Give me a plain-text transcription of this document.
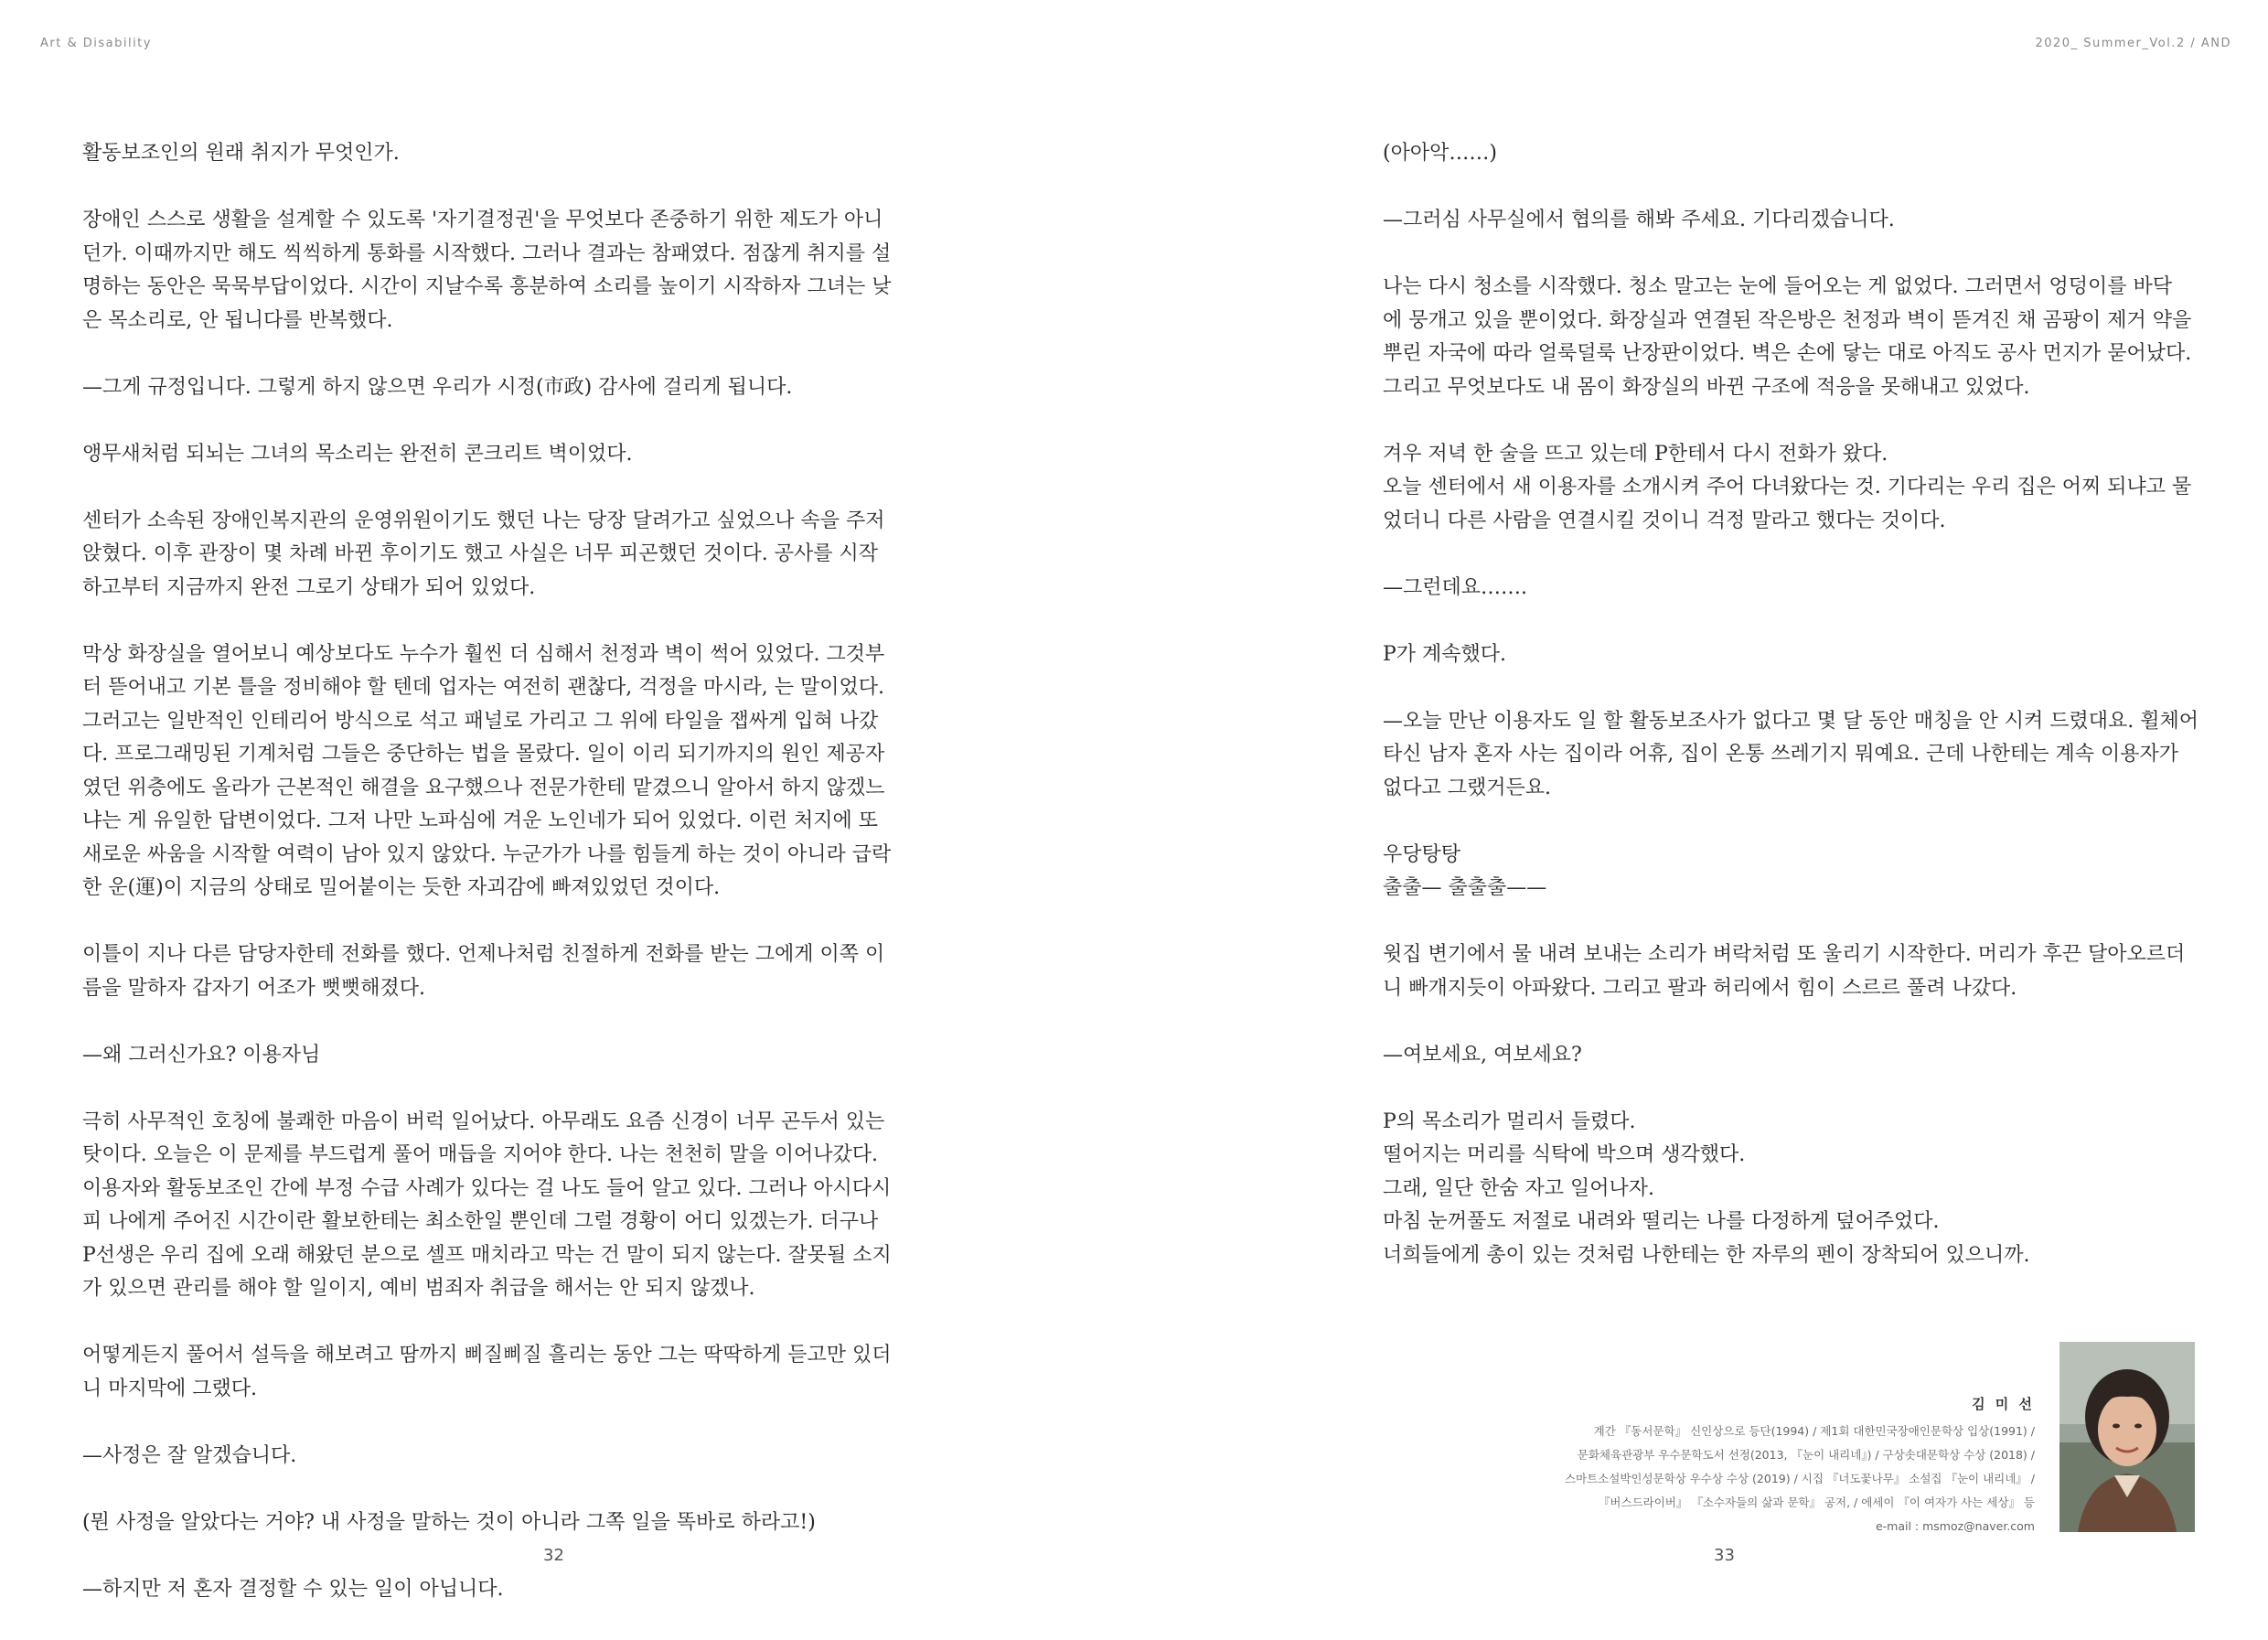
Art & Disability	2020_ Summer_Vol.2 / AND

활동보조인의 원래 취지가 무엇인가.

장애인 스스로 생활을 설계할 수 있도록 '자기결정권'을 무엇보다 존중하기 위한 제도가 아니
던가. 이때까지만 해도 씩씩하게 통화를 시작했다. 그러나 결과는 참패였다. 점잖게 취지를 설
명하는 동안은 묵묵부답이었다. 시간이 지날수록 흥분하여 소리를 높이기 시작하자 그녀는 낮
은 목소리로, 안 됩니다를 반복했다.

—그게 규정입니다. 그렇게 하지 않으면 우리가 시정(市政) 감사에 걸리게 됩니다.

앵무새처럼 되뇌는 그녀의 목소리는 완전히 콘크리트 벽이었다.

센터가 소속된 장애인복지관의 운영위원이기도 했던 나는 당장 달려가고 싶었으나 속을 주저
앉혔다. 이후 관장이 몇 차례 바뀐 후이기도 했고 사실은 너무 피곤했던 것이다. 공사를 시작
하고부터 지금까지 완전 그로기 상태가 되어 있었다.

막상 화장실을 열어보니 예상보다도 누수가 훨씬 더 심해서 천정과 벽이 썩어 있었다. 그것부
터 뜯어내고 기본 틀을 정비해야 할 텐데 업자는 여전히 괜찮다, 걱정을 마시라, 는 말이었다.
그러고는 일반적인 인테리어 방식으로 석고 패널로 가리고 그 위에 타일을 잽싸게 입혀 나갔
다. 프로그래밍된 기계처럼 그들은 중단하는 법을 몰랐다. 일이 이리 되기까지의 원인 제공자
였던 위층에도 올라가 근본적인 해결을 요구했으나 전문가한테 맡겼으니 알아서 하지 않겠느
냐는 게 유일한 답변이었다. 그저 나만 노파심에 겨운 노인네가 되어 있었다. 이런 처지에 또
새로운 싸움을 시작할 여력이 남아 있지 않았다. 누군가가 나를 힘들게 하는 것이 아니라 급락
한 운(運)이 지금의 상태로 밀어붙이는 듯한 자괴감에 빠져있었던 것이다.

이틀이 지나 다른 담당자한테 전화를 했다. 언제나처럼 친절하게 전화를 받는 그에게 이쪽 이
름을 말하자 갑자기 어조가 뻣뻣해졌다.

—왜 그러신가요? 이용자님

극히 사무적인 호칭에 불쾌한 마음이 버럭 일어났다. 아무래도 요즘 신경이 너무 곤두서 있는
탓이다. 오늘은 이 문제를 부드럽게 풀어 매듭을 지어야 한다. 나는 천천히 말을 이어나갔다.
이용자와 활동보조인 간에 부정 수급 사례가 있다는 걸 나도 들어 알고 있다. 그러나 아시다시
피 나에게 주어진 시간이란 활보한테는 최소한일 뿐인데 그럴 경황이 어디 있겠는가. 더구나
P선생은 우리 집에 오래 해왔던 분으로 셀프 매치라고 막는 건 말이 되지 않는다. 잘못될 소지
가 있으면 관리를 해야 할 일이지, 예비 범죄자 취급을 해서는 안 되지 않겠나.

어떻게든지 풀어서 설득을 해보려고 땀까지 삐질삐질 흘리는 동안 그는 딱딱하게 듣고만 있더
니 마지막에 그랬다.

—사정은 잘 알겠습니다.

(뭔 사정을 알았다는 거야? 내 사정을 말하는 것이 아니라 그쪽 일을 똑바로 하라고!)

—하지만 저 혼자 결정할 수 있는 일이 아닙니다.

(아아악……)

—그러심 사무실에서 협의를 해봐 주세요. 기다리겠습니다.

나는 다시 청소를 시작했다. 청소 말고는 눈에 들어오는 게 없었다. 그러면서 엉덩이를 바닥
에 뭉개고 있을 뿐이었다. 화장실과 연결된 작은방은 천정과 벽이 뜯겨진 채 곰팡이 제거 약을
뿌린 자국에 따라 얼룩덜룩 난장판이었다. 벽은 손에 닿는 대로 아직도 공사 먼지가 묻어났다.
그리고 무엇보다도 내 몸이 화장실의 바뀐 구조에 적응을 못해내고 있었다.

겨우 저녁 한 술을 뜨고 있는데 P한테서 다시 전화가 왔다.
오늘 센터에서 새 이용자를 소개시켜 주어 다녀왔다는 것. 기다리는 우리 집은 어찌 되냐고 물
었더니 다른 사람을 연결시킬 것이니 걱정 말라고 했다는 것이다.

—그런데요…….

P가 계속했다.

—오늘 만난 이용자도 일 할 활동보조사가 없다고 몇 달 동안 매칭을 안 시켜 드렸대요. 휠체어
타신 남자 혼자 사는 집이라 어휴, 집이 온통 쓰레기지 뭐예요. 근데 나한테는 계속 이용자가
없다고 그랬거든요.

우당탕탕
출출— 출출출——

윗집 변기에서 물 내려 보내는 소리가 벼락처럼 또 울리기 시작한다. 머리가 후끈 달아오르더
니 빠개지듯이 아파왔다. 그리고 팔과 허리에서 힘이 스르르 풀려 나갔다.

—여보세요, 여보세요?

P의 목소리가 멀리서 들렸다.
떨어지는 머리를 식탁에 박으며 생각했다.
그래, 일단 한숨 자고 일어나자.
마침 눈꺼풀도 저절로 내려와 떨리는 나를 다정하게 덮어주었다.
너희들에게 총이 있는 것처럼 나한테는 한 자루의 펜이 장착되어 있으니까.

32	33
김 미 선
계간 『동서문학』 신인상으로 등단(1994) / 제1회 대한민국장애인문학상 입상(1991) /
문화체육관광부 우수문학도서 선정(2013, 『눈이 내리네』) / 구상솟대문학상 수상 (2018) /
스마트소설박인성문학상 우수상 수상 (2019) / 시집 『너도꽃나무』 소설집 『눈이 내리네』 /
『버스드라이버』 『소수자들의 삶과 문학』 공저, / 에세이 『이 여자가 사는 세상』 등
e-mail : msmoz@naver.com
